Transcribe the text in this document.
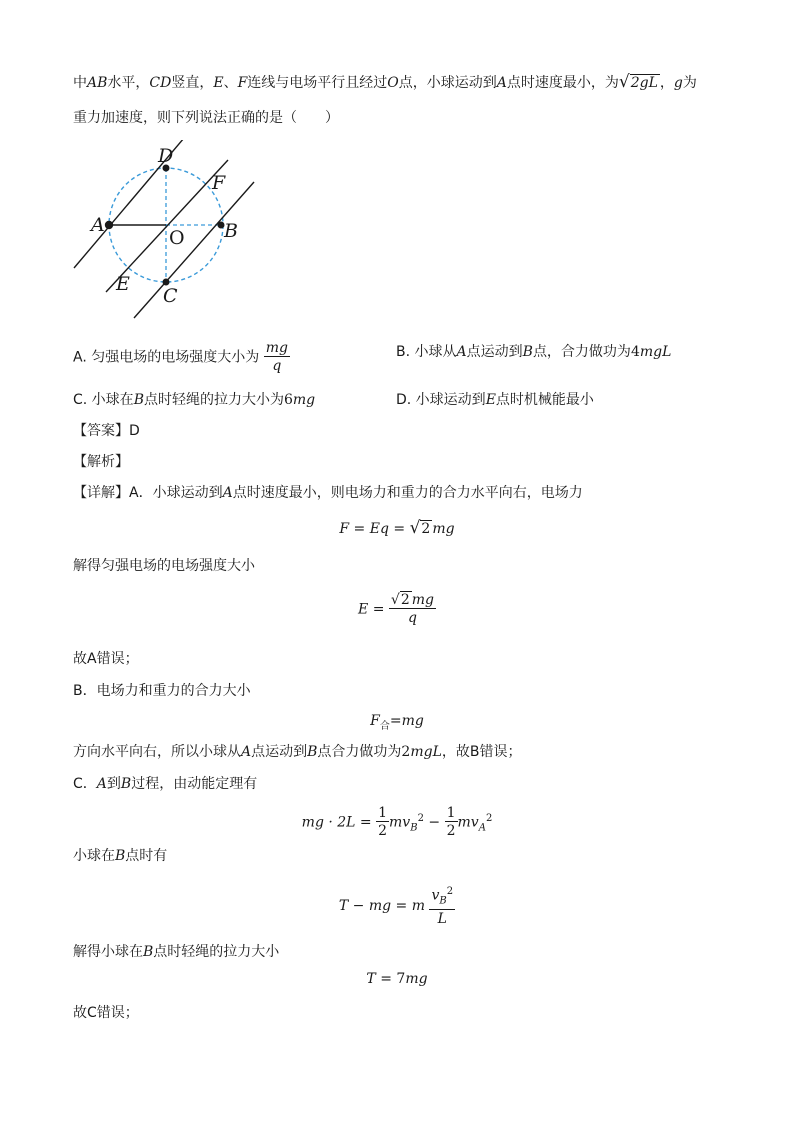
中AB水平，CD竖直，E、F连线与电场平行且经过O点，小球运动到A点时速度最小，为√2gL ，g为
重力加速度，则下列说法正确的是（　　）
D
F
A
O B
E
C
A. 匀强电场的电场强度大小为 $\frac{mg}{q}$	B. 小球从A点运动到B点，合力做功为4mgL
C. 小球在B点时轻绳的拉力大小为6mg	D. 小球运动到E点时机械能最小
【答案】D
【解析】
【详解】A．小球运动到A点时速度最小，则电场力和重力的合力水平向右，电场力
F = Eq = √2 mg
解得匀强电场的电场强度大小
$E = \frac{√2 mg}{q}$
故A错误；
B．电场力和重力的合力大小
$F_合=mg$
方向水平向右，所以小球从A点运动到B点合力做功为2mgL，故B错误；
C．A到B过程，由动能定理有
mg · $2L = \frac{1}{2} mv_B^2 - \frac{1}{2} mv_A^2$
小球在B点时有
T − mg = m $\frac{v_B^2}{L}$
解得小球在B点时轻绳的拉力大小
T = 7mg
故C错误；
